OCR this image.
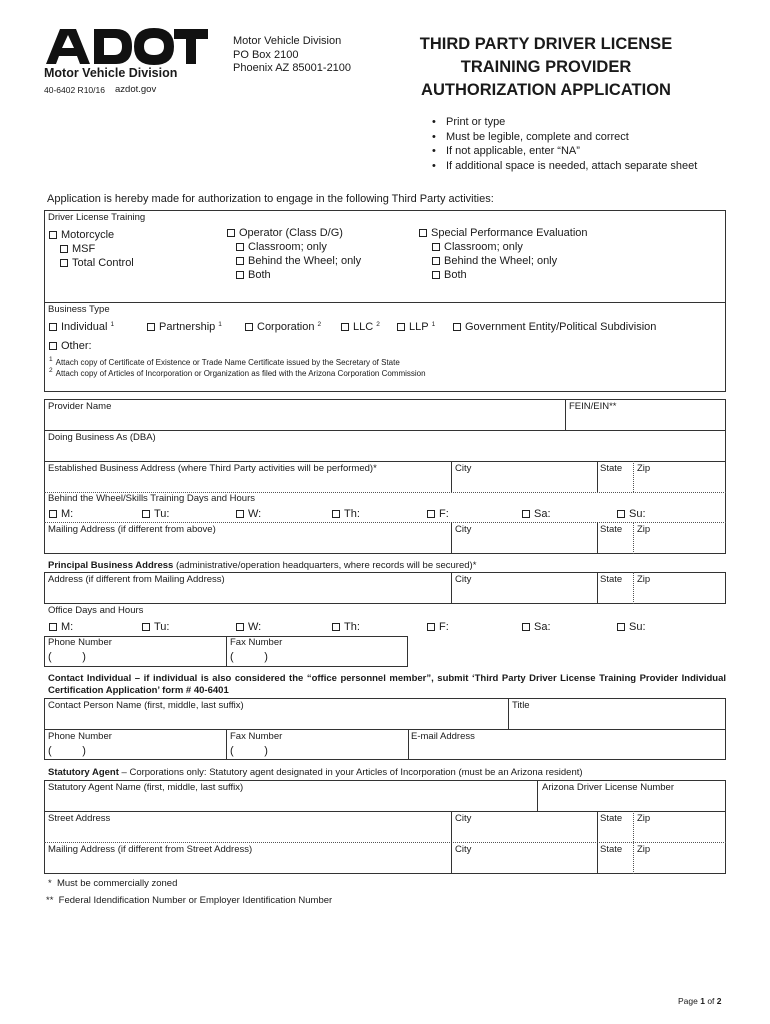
Motor Vehicle Division
40-6402 R10/16 azdot.gov
Motor Vehicle Division
PO Box 2100
Phoenix AZ 85001-2100
THIRD PARTY DRIVER LICENSE
TRAINING PROVIDER
AUTHORIZATION APPLICATION
• Print or type
• Must be legible, complete and correct
• If not applicable, enter “NA”
• If additional space is needed, attach separate sheet
Application is hereby made for authorization to engage in the following Third Party activities:
Driver License Training
Motorcycle
MSF
Total Control
Operator (Class D/G)
Classroom; only
Behind the Wheel; only
Both
Special Performance Evaluation
Classroom; only
Behind the Wheel; only
Both
Business Type
Individual $^1$	Partnership $^1$	Corporation $^2$	LLC $^2$	LLP $^1$	Government Entity/Political Subdivision
Other:
$^1$ Attach copy of Certificate of Existence or Trade Name Certificate issued by the Secretary of State
$^2$ Attach copy of Articles of Incorporation or Organization as filed with the Arizona Corporation Commission
Provider Name	FEIN/EIN**
Doing Business As (DBA)
Established Business Address (where Third Party activities will be performed)*	City	State Zip
Behind the Wheel/Skills Training Days and Hours
M:	Tu:	W:	Th:	F:	Sa:	Su:
Mailing Address (if different from above)	City	State Zip
Principal Business Address (administrative/operation headquarters, where records will be secured)*
Address (if different from Mailing Address)	City	State Zip
Office Days and Hours
M:	Tu:	W:	Th:	F:	Sa:	Su:
Phone Number	Fax Number
(          )	(          )
Contact Individual – if individual is also considered the “office personnel member”, submit ‘Third Party Driver License Training Provider Individual Certification Application’ form # 40-6401
Contact Person Name (first, middle, last suffix)	Title
Phone Number	Fax Number	E-mail Address
(          )	(          )
Statutory Agent – Corporations only: Statutory agent designated in your Articles of Incorporation (must be an Arizona resident)
Statutory Agent Name (first, middle, last suffix)	Arizona Driver License Number
Street Address	City	State Zip
Mailing Address (if different from Street Address)	City	State Zip
*  Must be commercially zoned
**  Federal Idendification Number or Employer Identification Number
Page 1 of 2
